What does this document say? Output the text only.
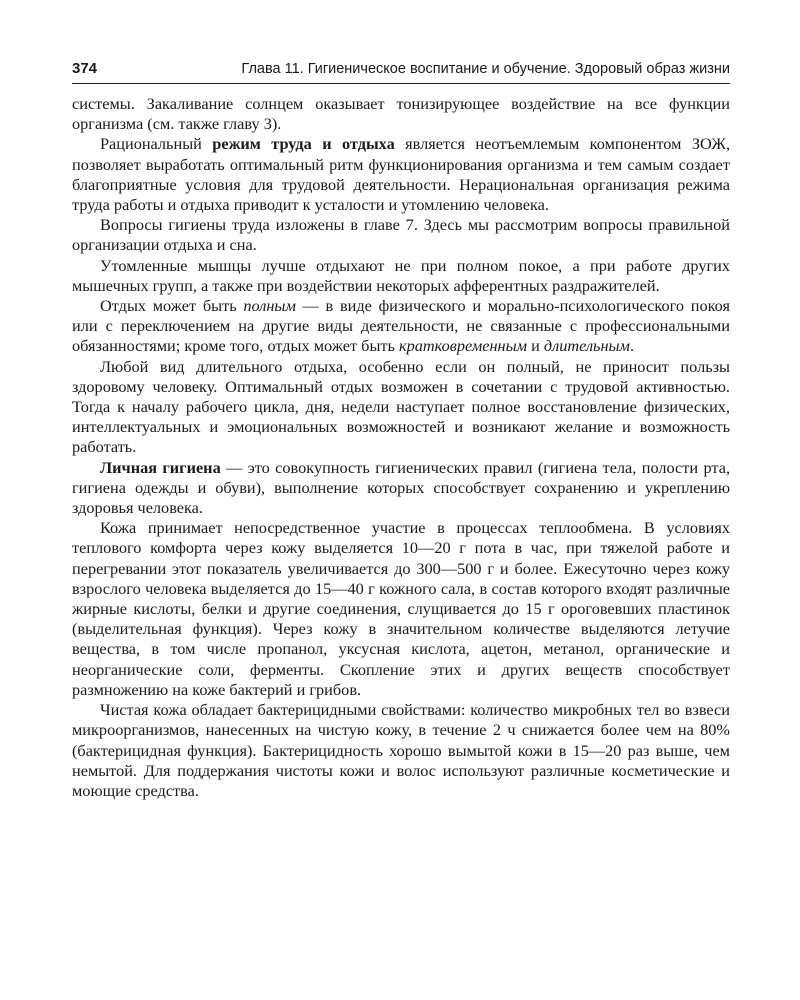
374	Глава 11. Гигиеническое воспитание и обучение. Здоровый образ жизни

системы. Закаливание солнцем оказывает тонизирующее воздействие на все функции организма (см. также главу 3).

Рациональный режим труда и отдыха является неотъемлемым компонентом ЗОЖ, позволяет выработать оптимальный ритм функционирования организма и тем самым создает благоприятные условия для трудовой деятельности. Нерациональная организация режима труда работы и отдыха приводит к усталости и утомлению человека.

Вопросы гигиены труда изложены в главе 7. Здесь мы рассмотрим вопросы правильной организации отдыха и сна.

Утомленные мышцы лучше отдыхают не при полном покое, а при работе других мышечных групп, а также при воздействии некоторых афферентных раздражителей.

Отдых может быть полным — в виде физического и морально-психологического покоя или с переключением на другие виды деятельности, не связанные с профессиональными обязанностями; кроме того, отдых может быть кратковременным и длительным.

Любой вид длительного отдыха, особенно если он полный, не приносит пользы здоровому человеку. Оптимальный отдых возможен в сочетании с трудовой активностью. Тогда к началу рабочего цикла, дня, недели наступает полное восстановление физических, интеллектуальных и эмоциональных возможностей и возникают желание и возможность работать.

Личная гигиена — это совокупность гигиенических правил (гигиена тела, полости рта, гигиена одежды и обуви), выполнение которых способствует сохранению и укреплению здоровья человека.

Кожа принимает непосредственное участие в процессах теплообмена. В условиях теплового комфорта через кожу выделяется 10—20 г пота в час, при тяжелой работе и перегревании этот показатель увеличивается до 300—500 г и более. Ежесуточно через кожу взрослого человека выделяется до 15—40 г кожного сала, в состав которого входят различные жирные кислоты, белки и другие соединения, слущивается до 15 г ороговевших пластинок (выделительная функция). Через кожу в значительном количестве выделяются летучие вещества, в том числе пропанол, уксусная кислота, ацетон, метанол, органические и неорганические соли, ферменты. Скопление этих и других веществ способствует размножению на коже бактерий и грибов.

Чистая кожа обладает бактерицидными свойствами: количество микробных тел во взвеси микроорганизмов, нанесенных на чистую кожу, в течение 2 ч снижается более чем на 80% (бактерицидная функция). Бактерицидность хорошо вымытой кожи в 15—20 раз выше, чем немытой. Для поддержания чистоты кожи и волос используют различные косметические и моющие средства.
